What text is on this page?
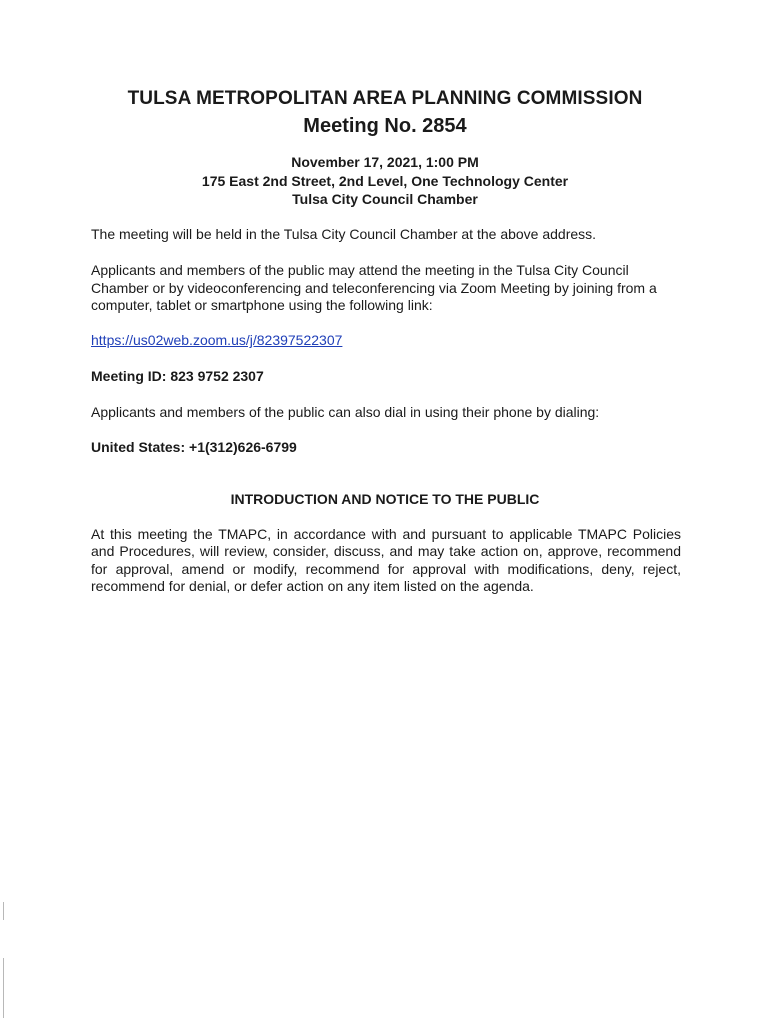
TULSA METROPOLITAN AREA PLANNING COMMISSION
Meeting No. 2854

November 17, 2021, 1:00 PM

175 East 2nd Street, 2nd Level, One Technology Center

Tulsa City Council Chamber

The meeting will be held in the Tulsa City Council Chamber at the above address.

Applicants and members of the public may attend the meeting in the Tulsa City Council Chamber or by videoconferencing and teleconferencing via Zoom Meeting by joining from a computer, tablet or smartphone using the following link:

https://us02web.zoom.us/j/82397522307

Meeting ID: 823 9752 2307

Applicants and members of the public can also dial in using their phone by dialing:

United States: +1(312)626-6799

INTRODUCTION AND NOTICE TO THE PUBLIC

At this meeting the TMAPC, in accordance with and pursuant to applicable TMAPC Policies and Procedures, will review, consider, discuss, and may take action on, approve, recommend for approval, amend or modify, recommend for approval with modifications, deny, reject, recommend for denial, or defer action on any item listed on the agenda.
